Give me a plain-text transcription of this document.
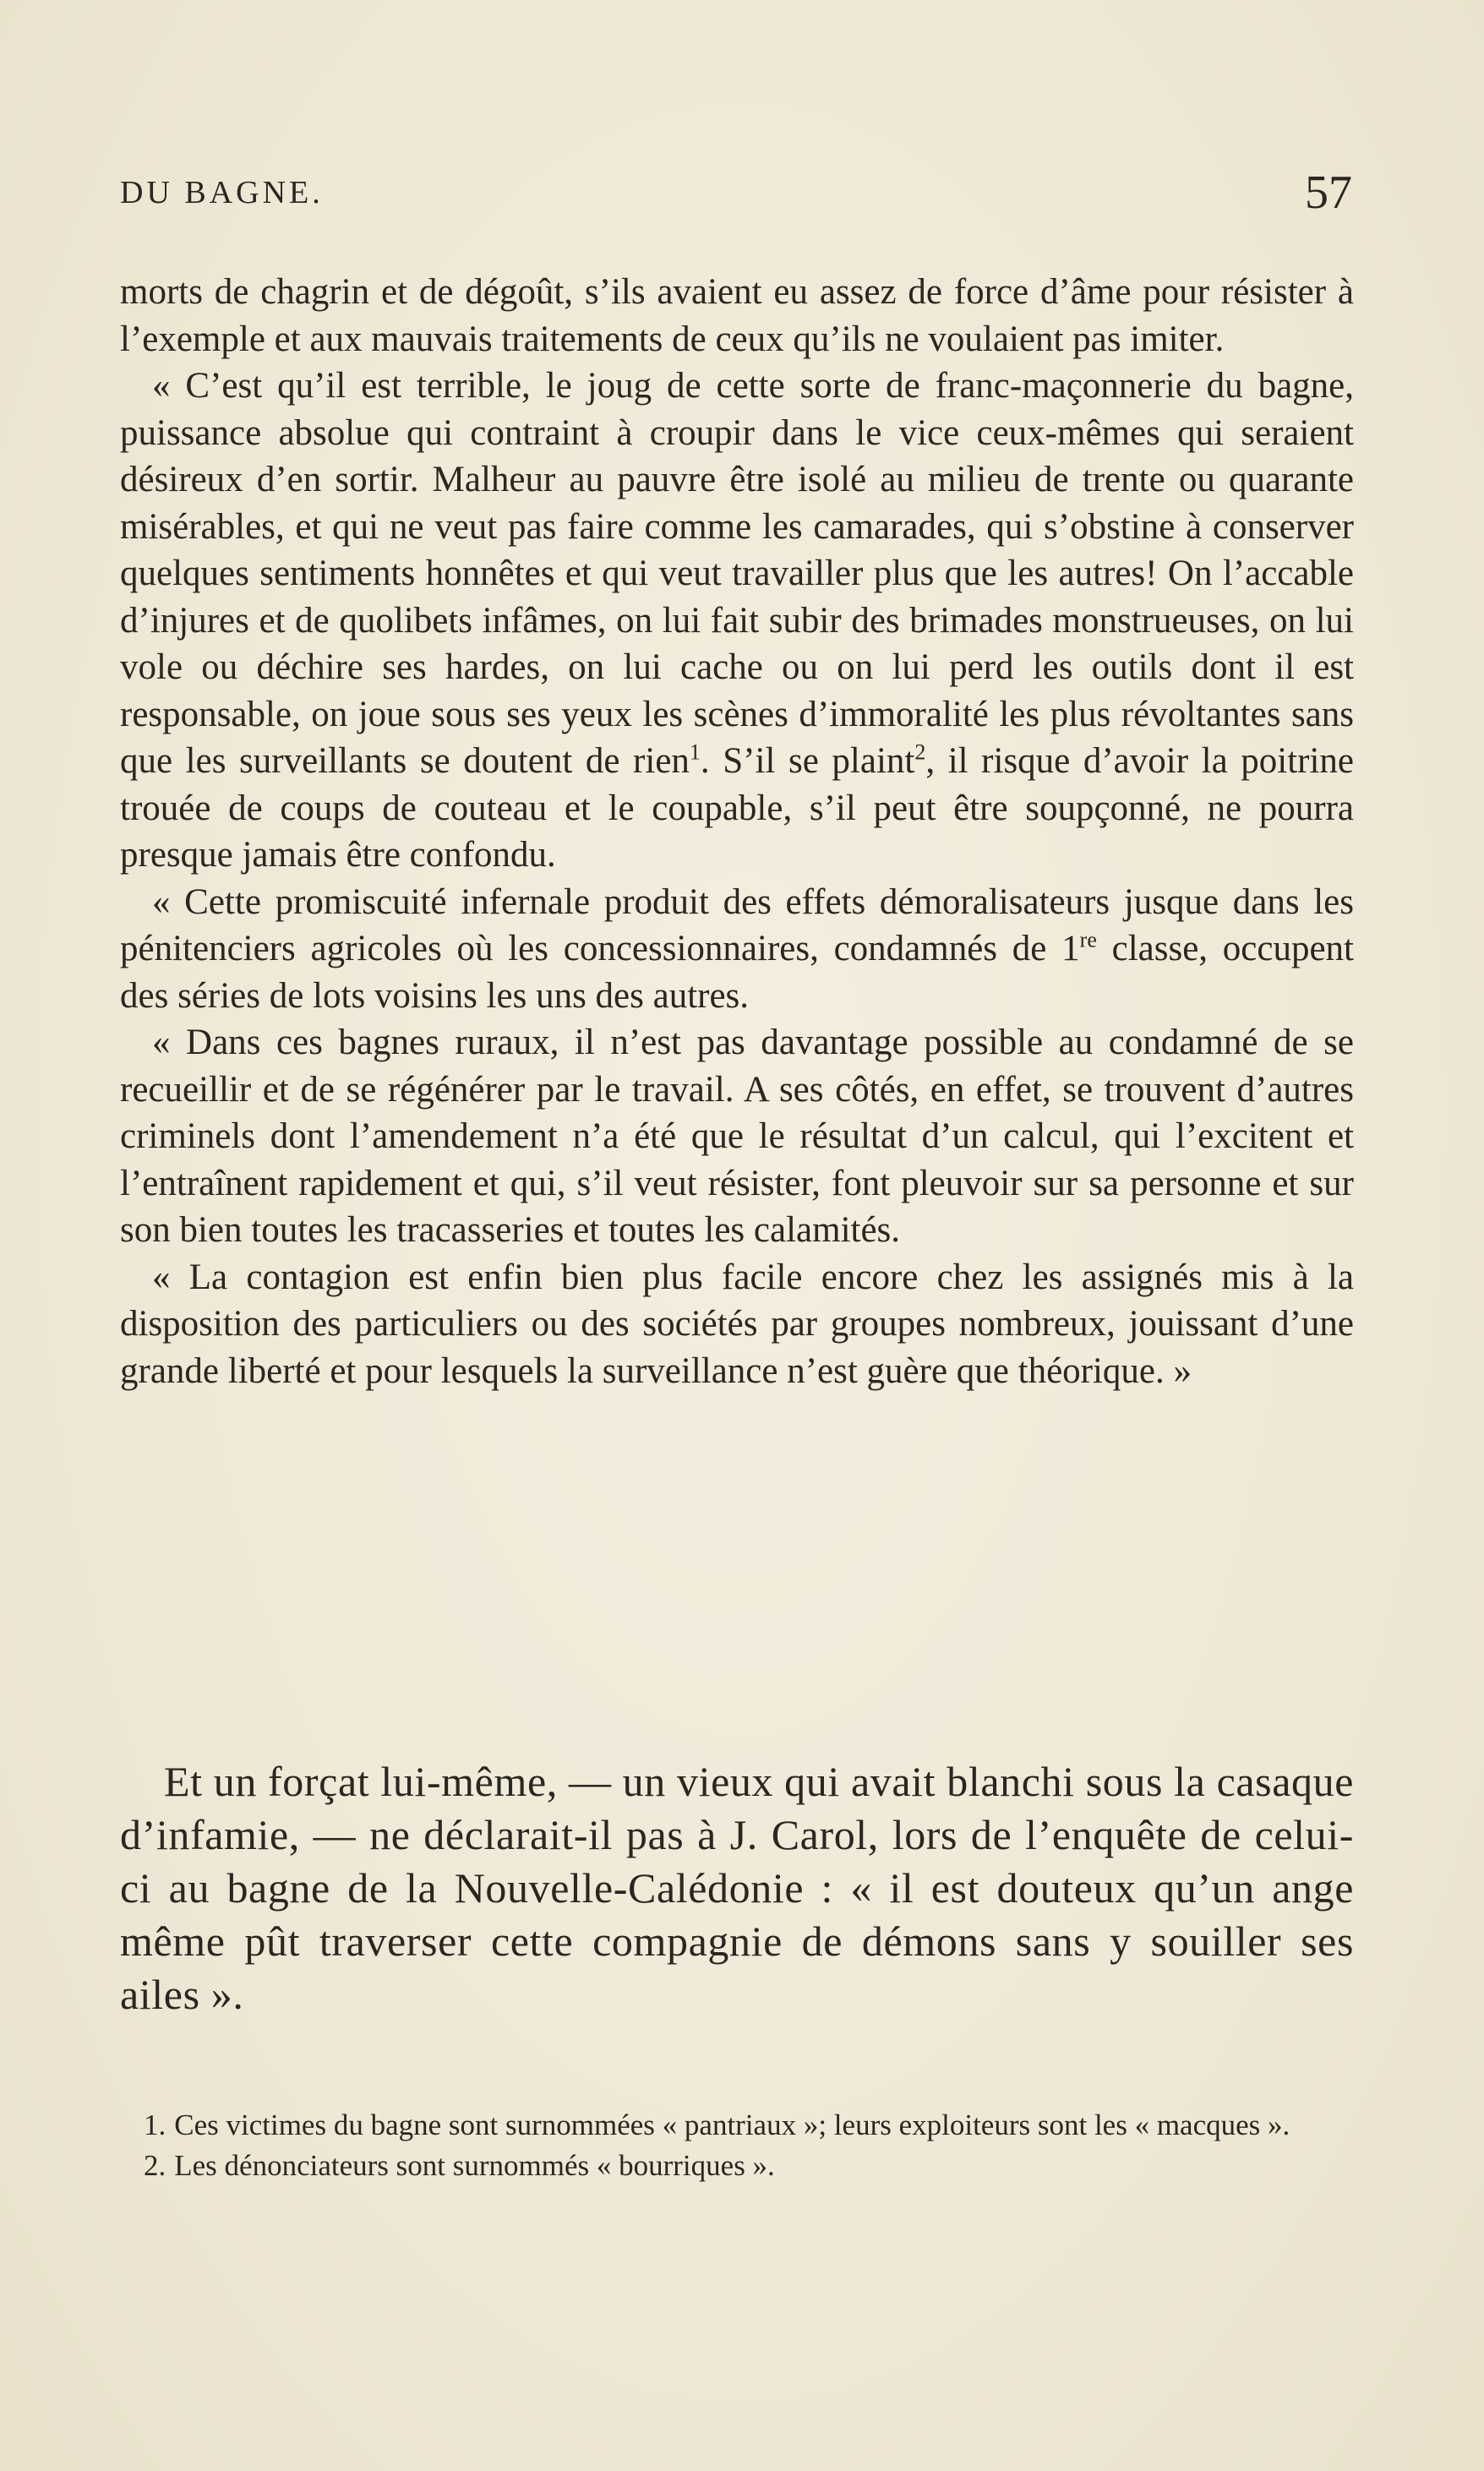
DU BAGNE.	57

morts de chagrin et de dégoût, s’ils avaient eu assez de force d’âme pour résister à l’exemple et aux mauvais traitements de ceux qu’ils ne voulaient pas imiter.

« C’est qu’il est terrible, le joug de cette sorte de franc-maçonnerie du bagne, puissance absolue qui contraint à croupir dans le vice ceux-mêmes qui seraient désireux d’en sortir. Malheur au pauvre être isolé au milieu de trente ou quarante misérables, et qui ne veut pas faire comme les camarades, qui s’obstine à conserver quelques sentiments honnêtes et qui veut travailler plus que les autres! On l’accable d’injures et de quolibets infâmes, on lui fait subir des brimades monstrueuses, on lui vole ou déchire ses hardes, on lui cache ou on lui perd les outils dont il est responsable, on joue sous ses yeux les scènes d’immoralité les plus révoltantes sans que les surveillants se doutent de rien$^1$. S’il se plaint$^2$, il risque d’avoir la poitrine trouée de coups de couteau et le coupable, s’il peut être soupçonné, ne pourra presque jamais être confondu.

« Cette promiscuité infernale produit des effets démoralisateurs jusque dans les pénitenciers agricoles où les concessionnaires, condamnés de 1re classe, occupent des séries de lots voisins les uns des autres.

« Dans ces bagnes ruraux, il n’est pas davantage possible au condamné de se recueillir et de se régénérer par le travail. A ses côtés, en effet, se trouvent d’autres criminels dont l’amendement n’a été que le résultat d’un calcul, qui l’excitent et l’entraînent rapidement et qui, s’il veut résister, font pleuvoir sur sa personne et sur son bien toutes les tracasseries et toutes les calamités.

« La contagion est enfin bien plus facile encore chez les assignés mis à la disposition des particuliers ou des sociétés par groupes nombreux, jouissant d’une grande liberté et pour lesquels la surveillance n’est guère que théorique. »

Et un forçat lui-même, — un vieux qui avait blanchi sous la casaque d’infamie, — ne déclarait-il pas à J. Carol, lors de l’enquête de celui-ci au bagne de la Nouvelle-Calédonie : « il est douteux qu’un ange même pût traverser cette compagnie de démons sans y souiller ses ailes ».

1. Ces victimes du bagne sont surnommées « pantriaux »; leurs exploiteurs sont les « macques ».

2. Les dénonciateurs sont surnommés « bourriques ».
